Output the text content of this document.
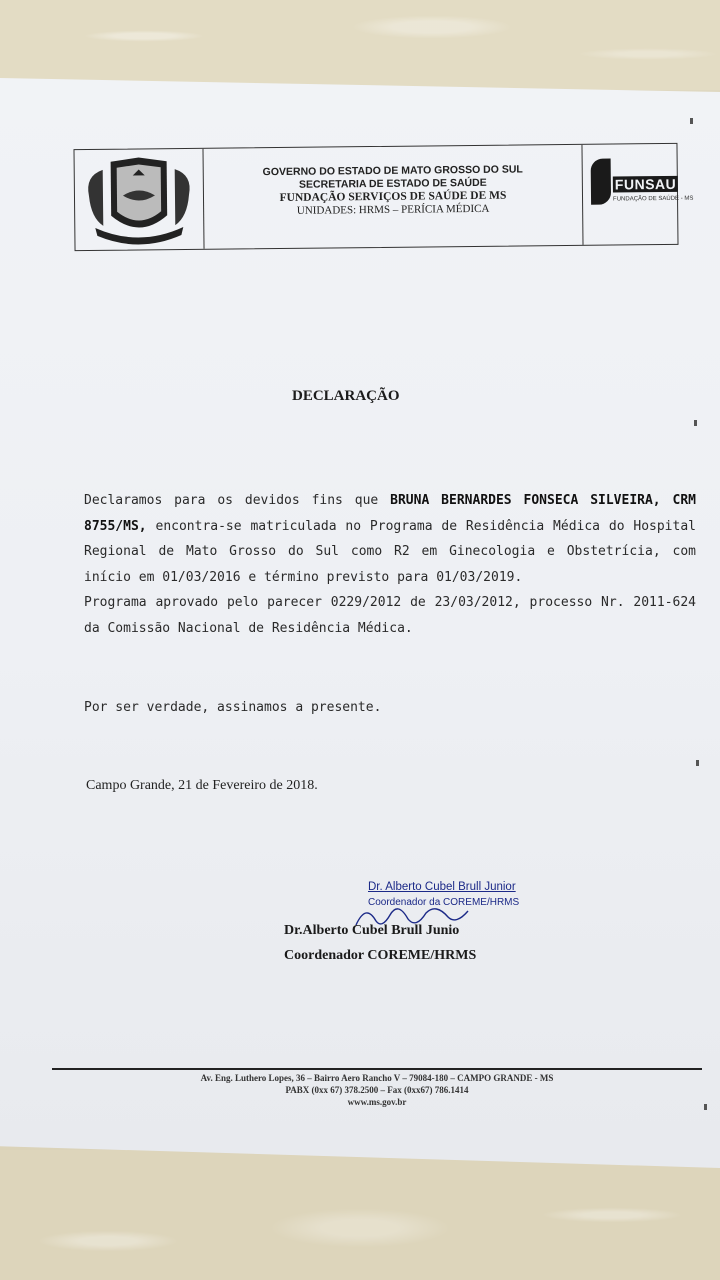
GOVERNO DO ESTADO DE MATO GROSSO DO SUL
SECRETARIA DE ESTADO DE SAÚDE
FUNDAÇÃO SERVIÇOS DE SAÚDE DE MS
UNIDADES: HRMS – PERÍCIA MÉDICA
FUNSAU
FUNDAÇÃO DE SAÚDE - MS
DECLARAÇÃO
Declaramos para os devidos fins que BRUNA BERNARDES FONSECA SILVEIRA, CRM 8755/MS, encontra-se matriculada no Programa de Residência Médica do Hospital Regional de Mato Grosso do Sul como R2 em Ginecologia e Obstetrícia, com início em 01/03/2016 e término previsto para 01/03/2019.
Programa aprovado pelo parecer 0229/2012 de 23/03/2012, processo Nr. 2011-624 da Comissão Nacional de Residência Médica.
Por ser verdade, assinamos a presente.
Campo Grande, 21 de Fevereiro de 2018.
Dr. Alberto Cubel Brull Junior
Coordenador da COREME/HRMS
Dr.Alberto Cubel Brull Junio
Coordenador COREME/HRMS
Av. Eng. Luthero Lopes, 36 – Bairro Aero Rancho V – 79084-180 – CAMPO GRANDE - MS
PABX (0xx 67) 378.2500 – Fax (0xx67) 786.1414
www.ms.gov.br
